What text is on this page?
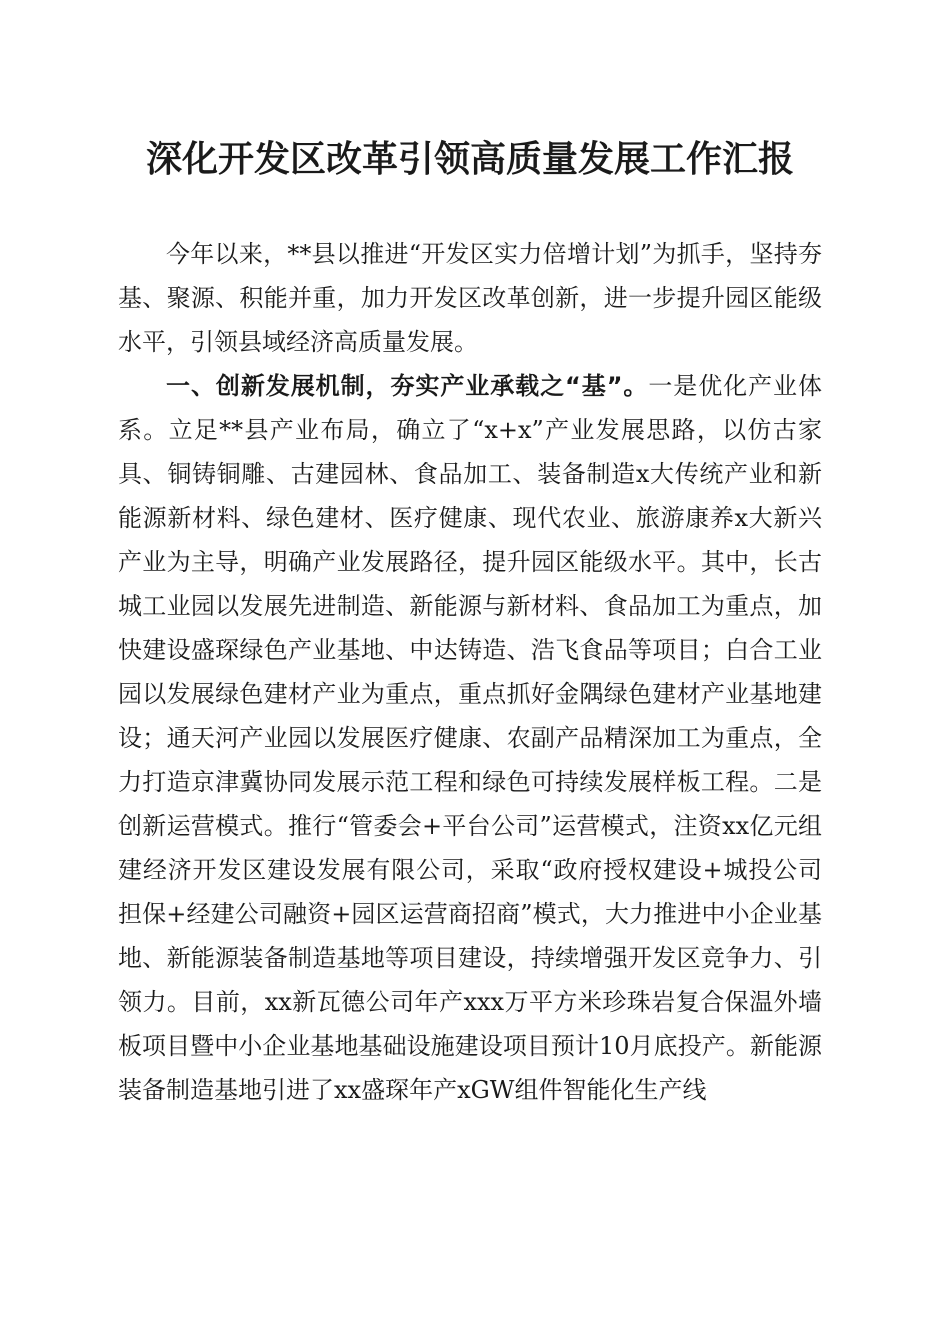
深化开发区改革引领高质量发展工作汇报

今年以来，**县以推进“开发区实力倍增计划”为抓手，坚持夯基、聚源、积能并重，加力开发区改革创新，进一步提升园区能级水平，引领县域经济高质量发展。

一、创新发展机制，夯实产业承载之“基”。一是优化产业体系。立足**县产业布局，确立了“x+x”产业发展思路，以仿古家具、铜铸铜雕、古建园林、食品加工、装备制造x大传统产业和新能源新材料、绿色建材、医疗健康、现代农业、旅游康养x大新兴产业为主导，明确产业发展路径，提升园区能级水平。其中，长古城工业园以发展先进制造、新能源与新材料、食品加工为重点，加快建设盛琛绿色产业基地、中达铸造、浩飞食品等项目；白合工业园以发展绿色建材产业为重点，重点抓好金隅绿色建材产业基地建设；通天河产业园以发展医疗健康、农副产品精深加工为重点，全力打造京津冀协同发展示范工程和绿色可持续发展样板工程。二是创新运营模式。推行“管委会+平台公司”运营模式，注资xx亿元组建经济开发区建设发展有限公司，采取“政府授权建设+城投公司担保+经建公司融资+园区运营商招商”模式，大力推进中小企业基地、新能源装备制造基地等项目建设，持续增强开发区竞争力、引领力。目前，xx新瓦德公司年产xxx万平方米珍珠岩复合保温外墙板项目暨中小企业基地基础设施建设项目预计10月底投产。新能源装备制造基地引进了xx盛琛年产xGW组件智能化生产线
